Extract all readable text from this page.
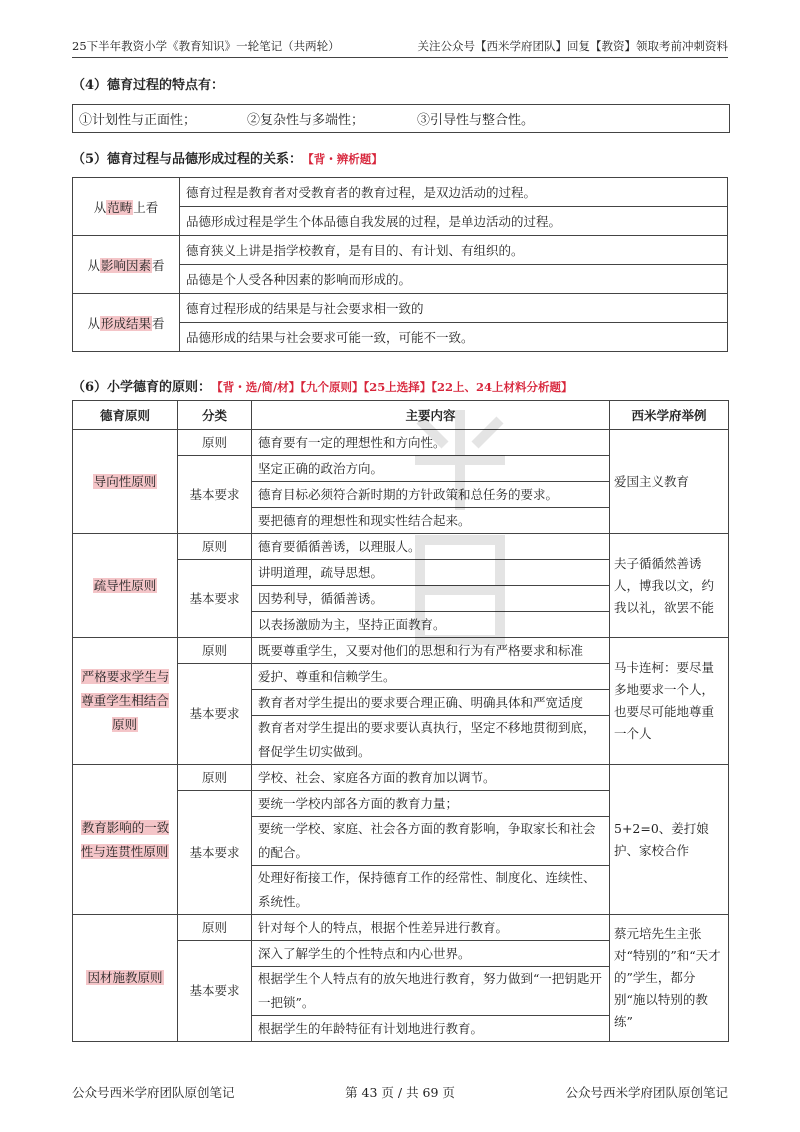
25下半年教资小学《教育知识》一轮笔记（共两轮）	关注公众号【西米学府团队】回复【教资】领取考前冲刺资料
（4）德育过程的特点有：
①计划性与正面性；	②复杂性与多端性；	③引导性与整合性。
（5）德育过程与品德形成过程的关系： 【背・辨析题】
从范畴上看	德育过程是教育者对受教育者的教育过程，是双边活动的过程。
	品德形成过程是学生个体品德自我发展的过程，是单边活动的过程。
从影响因素看	德育狭义上讲是指学校教育，是有目的、有计划、有组织的。
	品德是个人受各种因素的影响而形成的。
从形成结果看	德育过程形成的结果是与社会要求相一致的
	品德形成的结果与社会要求可能一致，可能不一致。
（6）小学德育的原则： 【背・选/简/材】【九个原则】【25上选择】【22上、24上材料分析题】
德育原则	分类	主要内容	西米学府举例
导向性原则	原则	德育要有一定的理想性和方向性。	爱国主义教育
	基本要求	坚定正确的政治方向。	
		德育目标必须符合新时期的方针政策和总任务的要求。	
		要把德育的理想性和现实性结合起来。	
疏导性原则	原则	德育要循循善诱，以理服人。	夫子循循然善诱人，博我以文，约我以礼，欲罢不能
	基本要求	讲明道理，疏导思想。	
		因势利导，循循善诱。	
		以表扬激励为主，坚持正面教育。	
严格要求学生与尊重学生相结合原则	原则	既要尊重学生，又要对他们的思想和行为有严格要求和标准	马卡连柯：要尽量多地要求一个人，也要尽可能地尊重一个人
	基本要求	爱护、尊重和信赖学生。	
		教育者对学生提出的要求要合理正确、明确具体和严宽适度	
		教育者对学生提出的要求要认真执行，坚定不移地贯彻到底，督促学生切实做到。	
教育影响的一致性与连贯性原则	原则	学校、社会、家庭各方面的教育加以调节。	5+2=0、姜打娘护、家校合作
	基本要求	要统一学校内部各方面的教育力量；	
		要统一学校、家庭、社会各方面的教育影响，争取家长和社会的配合。	
		处理好衔接工作，保持德育工作的经常性、制度化、连续性、系统性。	
因材施教原则	原则	针对每个人的特点，根据个性差异进行教育。	蔡元培先生主张对“特别的”和“天才的”学生，都分别“施以特别的教练”
	基本要求	深入了解学生的个性特点和内心世界。	
		根据学生个人特点有的放矢地进行教育，努力做到“一把钥匙开一把锁”。	
		根据学生的年龄特征有计划地进行教育。	
公众号西米学府团队原创笔记	第 43 页 / 共 69 页	公众号西米学府团队原创笔记
